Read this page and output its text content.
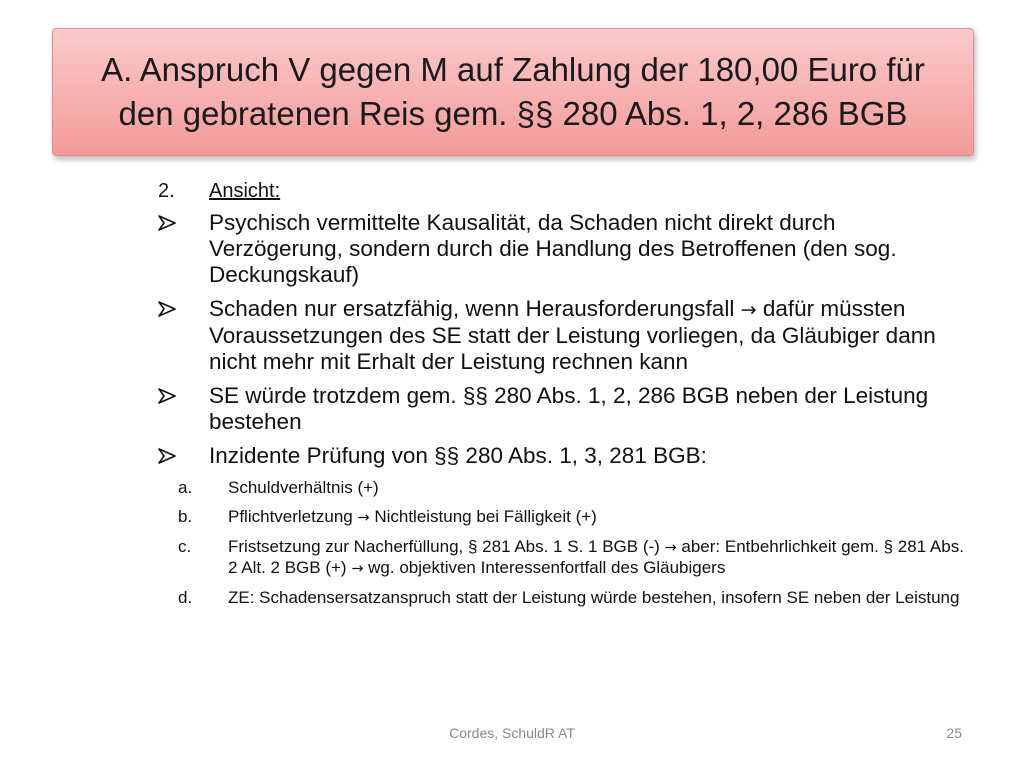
A. Anspruch V gegen M auf Zahlung der 180,00 Euro für
den gebratenen Reis gem. §§ 280 Abs. 1, 2, 286 BGB
2.	Ansicht:
Psychisch vermittelte Kausalität, da Schaden nicht direkt durch Verzögerung, sondern durch die Handlung des Betroffenen (den sog. Deckungskauf)
Schaden nur ersatzfähig, wenn Herausforderungsfall → dafür müssten Voraussetzungen des SE statt der Leistung vorliegen, da Gläubiger dann nicht mehr mit Erhalt der Leistung rechnen kann
SE würde trotzdem gem. §§ 280 Abs. 1, 2, 286 BGB neben der Leistung bestehen
Inzidente Prüfung von §§ 280 Abs. 1, 3, 281 BGB:
a.	Schuldverhältnis (+)
b.	Pflichtverletzung → Nichtleistung bei Fälligkeit (+)
c.	Fristsetzung zur Nacherfüllung, § 281 Abs. 1 S. 1 BGB (-) → aber: Entbehrlichkeit gem. § 281 Abs. 2 Alt. 2 BGB (+) → wg. objektiven Interessenfortfall des Gläubigers
d.	ZE: Schadensersatzanspruch statt der Leistung würde bestehen, insofern SE neben der Leistung
Cordes, SchuldR AT	25
